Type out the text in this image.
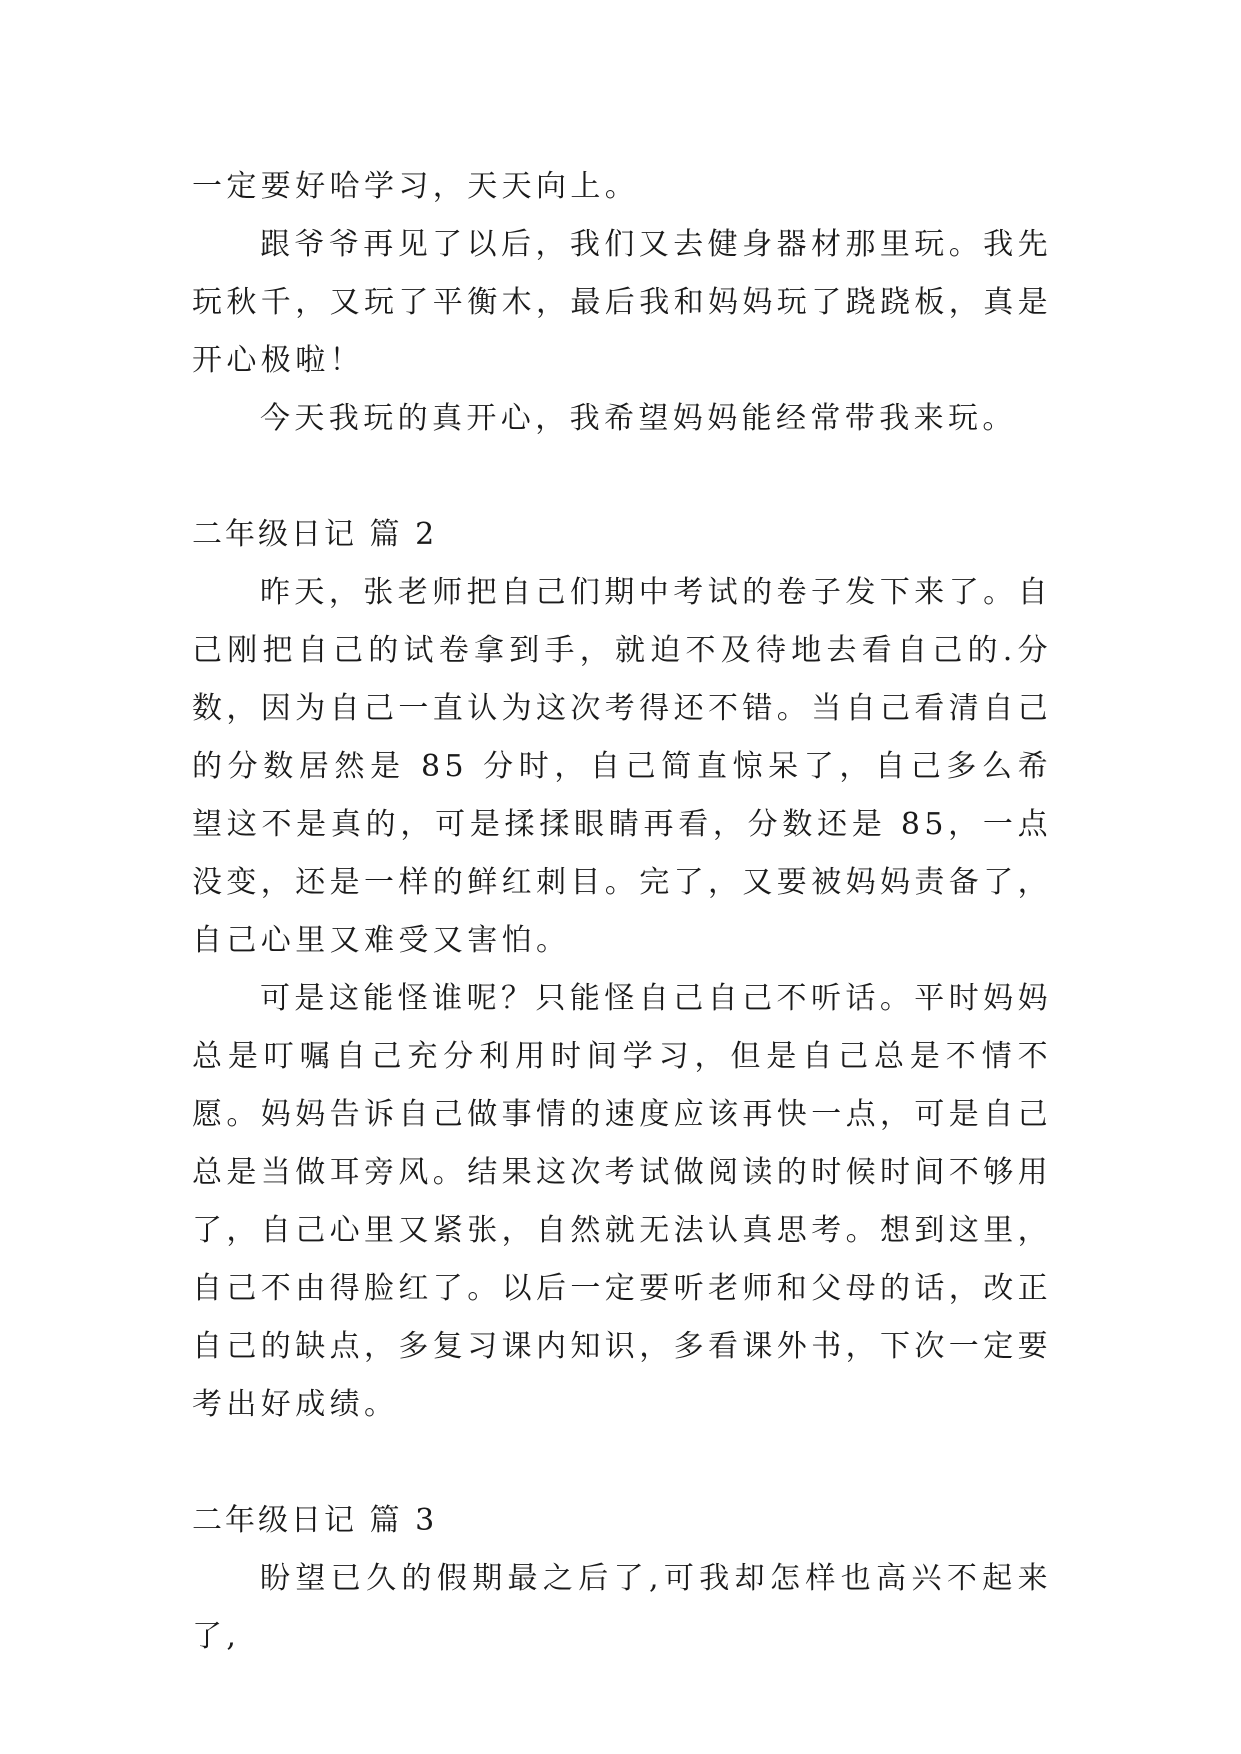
一定要好哈学习，天天向上。

跟爷爷再见了以后，我们又去健身器材那里玩。我先玩秋千，又玩了平衡木，最后我和妈妈玩了跷跷板，真是开心极啦！

今天我玩的真开心，我希望妈妈能经常带我来玩。

二年级日记 篇 2

昨天，张老师把自己们期中考试的卷子发下来了。自己刚把自己的试卷拿到手，就迫不及待地去看自己的.分数，因为自己一直认为这次考得还不错。当自己看清自己的分数居然是 85 分时，自己简直惊呆了，自己多么希望这不是真的，可是揉揉眼睛再看，分数还是 85，一点没变，还是一样的鲜红刺目。完了，又要被妈妈责备了，自己心里又难受又害怕。

可是这能怪谁呢？只能怪自己自己不听话。平时妈妈总是叮嘱自己充分利用时间学习，但是自己总是不情不愿。妈妈告诉自己做事情的速度应该再快一点，可是自己总是当做耳旁风。结果这次考试做阅读的时候时间不够用了，自己心里又紧张，自然就无法认真思考。想到这里，自己不由得脸红了。以后一定要听老师和父母的话，改正自己的缺点，多复习课内知识，多看课外书，下次一定要考出好成绩。

二年级日记 篇 3

盼望已久的假期最之后了,可我却怎样也高兴不起来了,
